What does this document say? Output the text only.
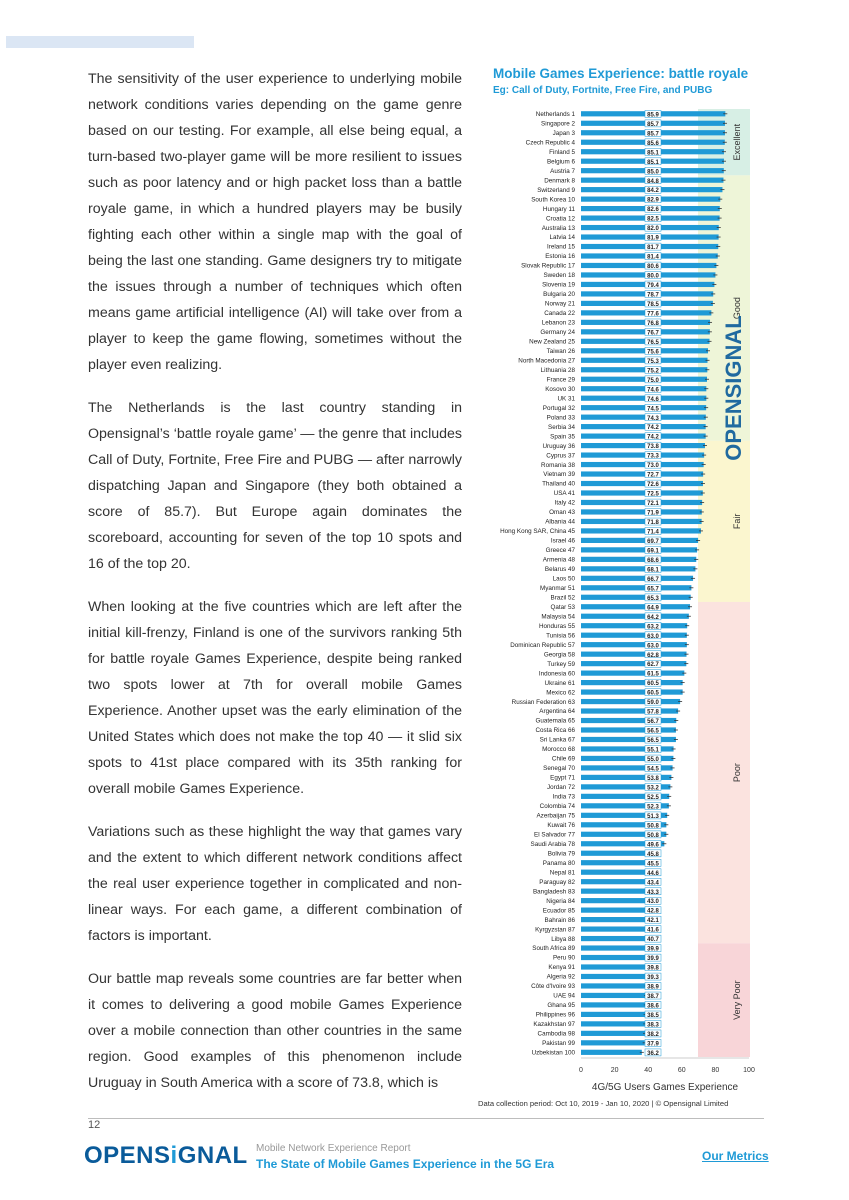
The sensitivity of the user experience to underlying mobile network conditions varies depending on the game genre based on our testing. For example, all else being equal, a turn-based two-player game will be more resilient to issues such as poor latency and or high packet loss than a battle royale game, in which a hundred players may be busily fighting each other within a single map with the goal of being the last one standing. Game designers try to mitigate the issues through a number of techniques which often means game artificial intelligence (AI) will take over from a player to keep the game flowing, sometimes without the player even realizing.

The Netherlands is the last country standing in Opensignal’s ‘battle royale game’ — the genre that includes Call of Duty, Fortnite, Free Fire and PUBG — after narrowly dispatching Japan and Singapore (they both obtained a score of 85.7). But Europe again dominates the scoreboard, accounting for seven of the top 10 spots and 16 of the top 20.

When looking at the five countries which are left after the initial kill-frenzy, Finland is one of the survivors ranking 5th for battle royale Games Experience, despite being ranked two spots lower at 7th for overall mobile Games Experience. Another upset was the early elimination of the United States which does not make the top 40 — it slid six spots to 41st place compared with its 35th ranking for overall mobile Games Experience.

Variations such as these highlight the way that games vary and the extent to which different network conditions affect the real user experience together in complicated and non-linear ways. For each game, a different combination of factors is important.

Our battle map reveals some countries are far better when it comes to delivering a good mobile Games Experience over a mobile connection than other countries in the same region. Good examples of this phenomenon include Uruguay in South America with a score of 73.8, which is

Mobile Games Experience: battle royale
Eg: Call of Duty, Fortnite, Free Fire, and PUBG
Excellent
Good
Fair
Poor
Very Poor
OPENSIGNAL
Netherlands 1	85.9
Singapore 2	85.7
Japan 3	85.7
Czech Republic 4	85.6
Finland 5	85.1
Belgium 6	85.1
Austria 7	85.0
Denmark 8	84.8
Switzerland 9	84.2
South Korea 10	82.9
Hungary 11	82.6
Croatia 12	82.5
Australia 13	82.0
Latvia 14	81.9
Ireland 15	81.7
Estonia 16	81.4
Slovak Republic 17	80.6
Sweden 18	80.0
Slovenia 19	79.4
Bulgaria 20	78.7
Norway 21	78.5
Canada 22	77.6
Lebanon 23	76.8
Germany 24	76.7
New Zealand 25	76.5
Taiwan 26	75.6
North Macedonia 27	75.3
Lithuania 28	75.2
France 29	75.0
Kosovo 30	74.6
UK 31	74.6
Portugal 32	74.5
Poland 33	74.3
Serbia 34	74.2
Spain 35	74.2
Uruguay 36	73.8
Cyprus 37	73.3
Romania 38	73.0
Vietnam 39	72.7
Thailand 40	72.6
USA 41	72.5
Italy 42	72.1
Oman 43	71.9
Albania 44	71.8
Hong Kong SAR, China 45	71.4
Israel 46	69.7
Greece 47	69.1
Armenia 48	68.6
Belarus 49	68.1
Laos 50	66.7
Myanmar 51	65.7
Brazil 52	65.3
Qatar 53	64.9
Malaysia 54	64.2
Honduras 55	63.2
Tunisia 56	63.0
Dominican Republic 57	63.0
Georgia 58	62.8
Turkey 59	62.7
Indonesia 60	61.5
Ukraine 61	60.5
Mexico 62	60.5
Russian Federation 63	59.0
Argentina 64	57.8
Guatemala 65	56.7
Costa Rica 66	56.5
Sri Lanka 67	56.5
Morocco 68	55.1
Chile 69	55.0
Senegal 70	54.5
Egypt 71	53.8
Jordan 72	53.2
India 73	52.5
Colombia 74	52.3
Azerbaijan 75	51.3
Kuwait 76	50.8
El Salvador 77	50.8
Saudi Arabia 78	49.6
Bolivia 79	45.8
Panama 80	45.5
Nepal 81	44.6
Paraguay 82	43.4
Bangladesh 83	43.3
Nigeria 84	43.0
Ecuador 85	42.8
Bahrain 86	42.1
Kyrgyzstan 87	41.6
Libya 88	40.7
South Africa 89	39.9
Peru 90	39.9
Kenya 91	39.8
Algeria 92	39.3
Côte d'Ivoire 93	38.9
UAE 94	38.7
Ghana 95	38.6
Philippines 96	38.5
Kazakhstan 97	38.3
Cambodia 98	38.2
Pakistan 99	37.9
Uzbekistan 100	36.2
0	20	40	60	80	100
4G/5G Users Games Experience
Data collection period: Oct 10, 2019 - Jan 10, 2020 | © Opensignal Limited
12
OPENSiGNAL Mobile Network Experience Report
The State of Mobile Games Experience in the 5G Era
Our Metrics
